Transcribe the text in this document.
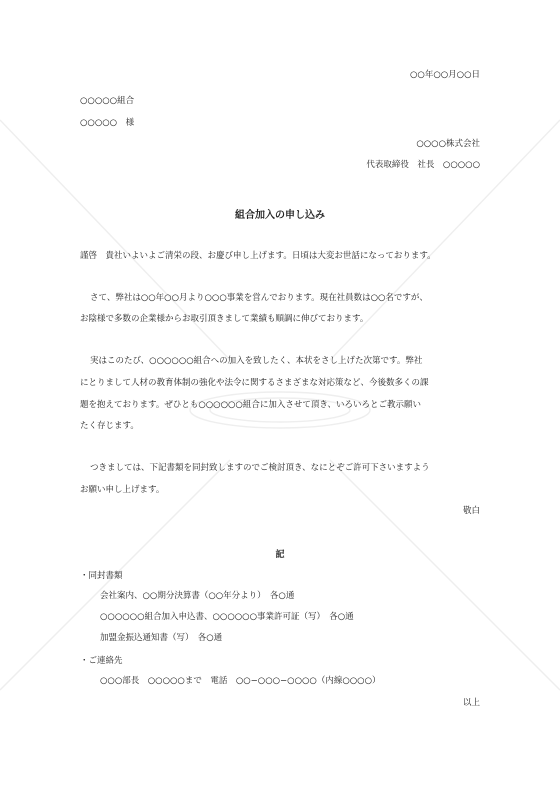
○○年○○月○○日
○○○○○組合
○○○○○　様
○○○○株式会社
代表取締役　社長　○○○○○
組合加入の申し込み
謹啓　貴社いよいよご清栄の段、お慶び申し上げます。日頃は大変お世話になっております。
さて、弊社は○○年○○月より○○○事業を営んでおります。現在社員数は○○名ですが、
お陰様で多数の企業様からお取引頂きまして業績も順調に伸びております。
実はこのたび、○○○○○○組合への加入を致したく、本状をさし上げた次第です。弊社
にとりまして人材の教育体制の強化や法令に関するさまざまな対応策など、今後数多くの課
題を抱えております。ぜひとも○○○○○○組合に加入させて頂き、いろいろとご教示願い
たく存じます。
つきましては、下記書類を同封致しますのでご検討頂き、なにとぞご許可下さいますよう
お願い申し上げます。
敬白
記
・同封書類
会社案内、○○期分決算書（○○年分より）　各○通
○○○○○○組合加入申込書、○○○○○○事業許可証（写）　各○通
加盟金振込通知書（写）　各○通
・ご連絡先
○○○部長　○○○○○まで　電話　○○−○○○−○○○○（内線○○○○）
以上
